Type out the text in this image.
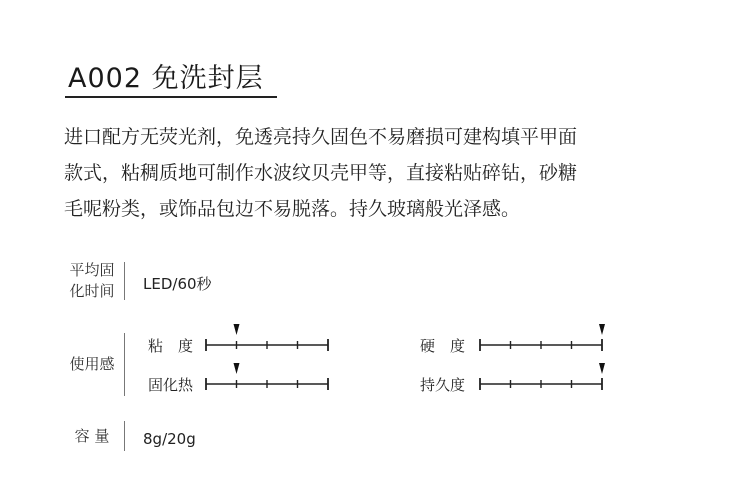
A002 免洗封层
进口配方无荧光剂，免透亮持久固色不易磨损可建构填平甲面
款式，粘稠质地可制作水波纹贝壳甲等，直接粘贴碎钻，砂糖
毛呢粉类，或饰品包边不易脱落。持久玻璃般光泽感。
平均固
化时间	LED/60秒
使用感
粘　度
固化热
硬　度
持久度
容 量	8g/20g
